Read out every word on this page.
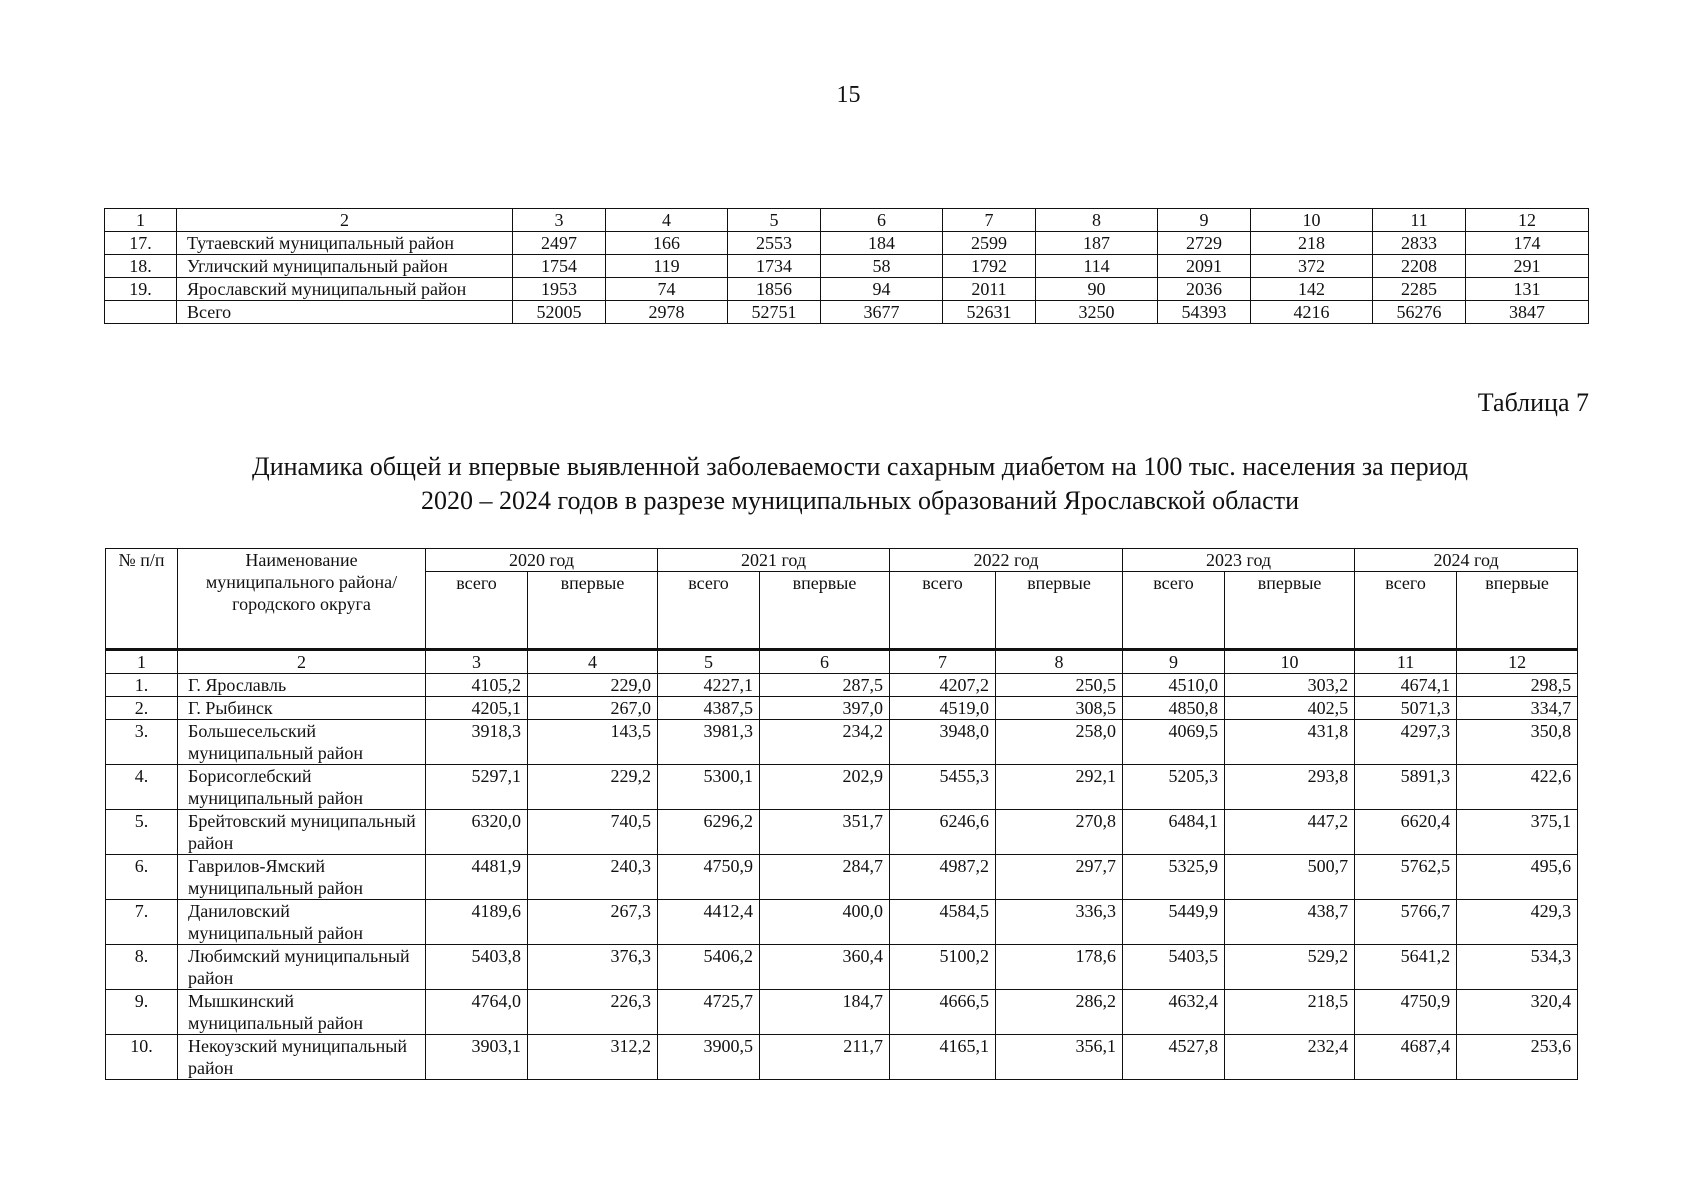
15
1	2	3	4	5	6	7	8	9	10	11	12
17.	Тутаевский муниципальный район	2497	166	2553	184	2599	187	2729	218	2833	174
18.	Угличский муниципальный район	1754	119	1734	58	1792	114	2091	372	2208	291
19.	Ярославский муниципальный район	1953	74	1856	94	2011	90	2036	142	2285	131
	Всего	52005	2978	52751	3677	52631	3250	54393	4216	56276	3847
Таблица 7
Динамика общей и впервые выявленной заболеваемости сахарным диабетом на 100 тыс. населения за период
2020 – 2024 годов в разрезе муниципальных образований Ярославской области
№ п/п	Наименование муниципального района/ городского округа	2020 год		2021 год		2022 год		2023 год		2024 год	
		всего	впервые	всего	впервые	всего	впервые	всего	впервые	всего	впервые
1	2	3	4	5	6	7	8	9	10	11	12
1.	Г. Ярославль	4105,2	229,0	4227,1	287,5	4207,2	250,5	4510,0	303,2	4674,1	298,5
2.	Г. Рыбинск	4205,1	267,0	4387,5	397,0	4519,0	308,5	4850,8	402,5	5071,3	334,7
3.	Большесельский муниципальный район	3918,3	143,5	3981,3	234,2	3948,0	258,0	4069,5	431,8	4297,3	350,8
4.	Борисоглебский муниципальный район	5297,1	229,2	5300,1	202,9	5455,3	292,1	5205,3	293,8	5891,3	422,6
5.	Брейтовский муниципальный район	6320,0	740,5	6296,2	351,7	6246,6	270,8	6484,1	447,2	6620,4	375,1
6.	Гаврилов-Ямский муниципальный район	4481,9	240,3	4750,9	284,7	4987,2	297,7	5325,9	500,7	5762,5	495,6
7.	Даниловский муниципальный район	4189,6	267,3	4412,4	400,0	4584,5	336,3	5449,9	438,7	5766,7	429,3
8.	Любимский муниципальный район	5403,8	376,3	5406,2	360,4	5100,2	178,6	5403,5	529,2	5641,2	534,3
9.	Мышкинский муниципальный район	4764,0	226,3	4725,7	184,7	4666,5	286,2	4632,4	218,5	4750,9	320,4
10.	Некоузский муниципальный район	3903,1	312,2	3900,5	211,7	4165,1	356,1	4527,8	232,4	4687,4	253,6
